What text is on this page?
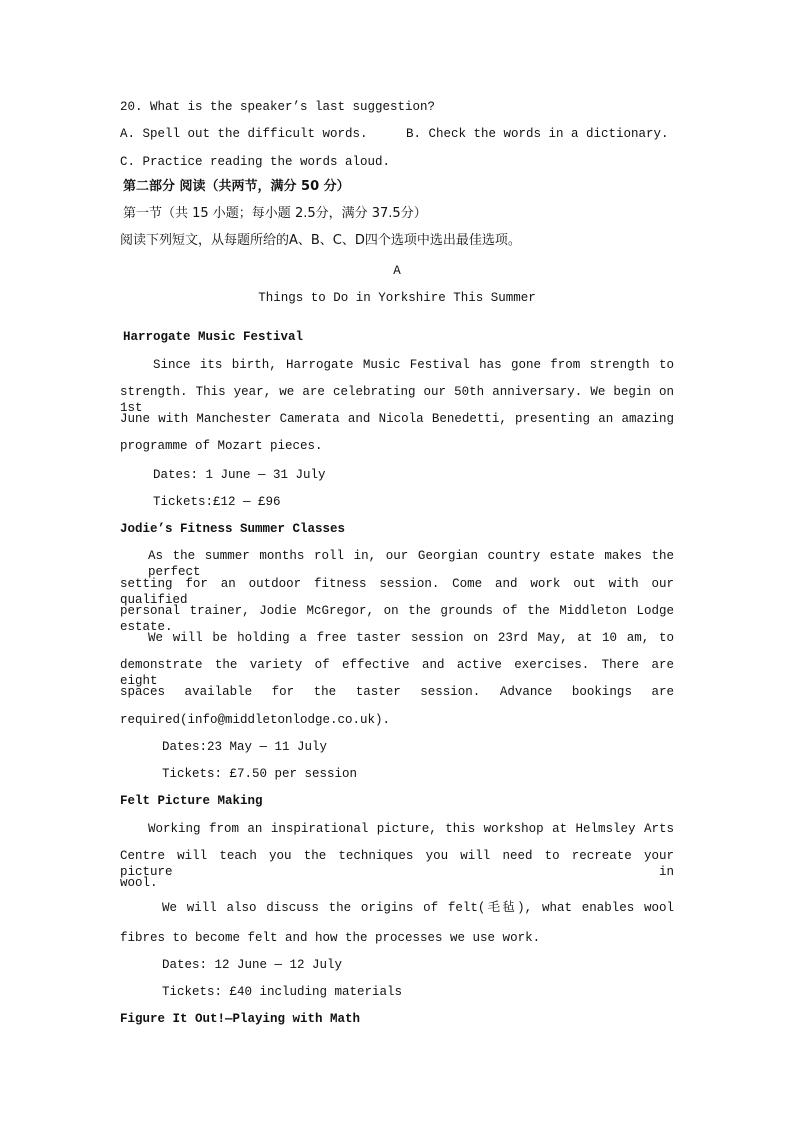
20. What is the speaker’s last suggestion?
A. Spell out the difficult words.	B. Check the words in a dictionary.
C. Practice reading the words aloud.
第二部分 阅读（共两节，满分 50 分）
第一节（共 15 小题；每小题 2.5分，满分 37.5分）
阅读下列短文，从每题所给的A、B、C、D四个选项中选出最佳选项。
A
Things to Do in Yorkshire This Summer
Harrogate Music Festival
Since its birth, Harrogate Music Festival has gone from strength to
strength. This year, we are celebrating our 50th anniversary. We begin on 1st
June with Manchester Camerata and Nicola Benedetti, presenting an amazing
programme of Mozart pieces.
Dates: 1 June — 31 July
Tickets:£12 — £96
Jodie’s Fitness Summer Classes
As the summer months roll in, our Georgian country estate makes the perfect
setting for an outdoor fitness session. Come and work out with our qualified
personal trainer, Jodie McGregor, on the grounds of the Middleton Lodge estate.
We will be holding a free taster session on 23rd May, at 10 am, to
demonstrate the variety of effective and active exercises. There are eight
spaces available for the taster session. Advance bookings are
required(info@middletonlodge.co.uk).
Dates:23 May — 11 July
Tickets: £7.50 per session
Felt Picture Making
Working from an inspirational picture, this workshop at Helmsley Arts
Centre will teach you the techniques you will need to recreate your picture in
wool.
We will also discuss the origins of felt(毛毡), what enables wool
fibres to become felt and how the processes we use work.
Dates: 12 June — 12 July
Tickets: £40 including materials
Figure It Out!—Playing with Math
